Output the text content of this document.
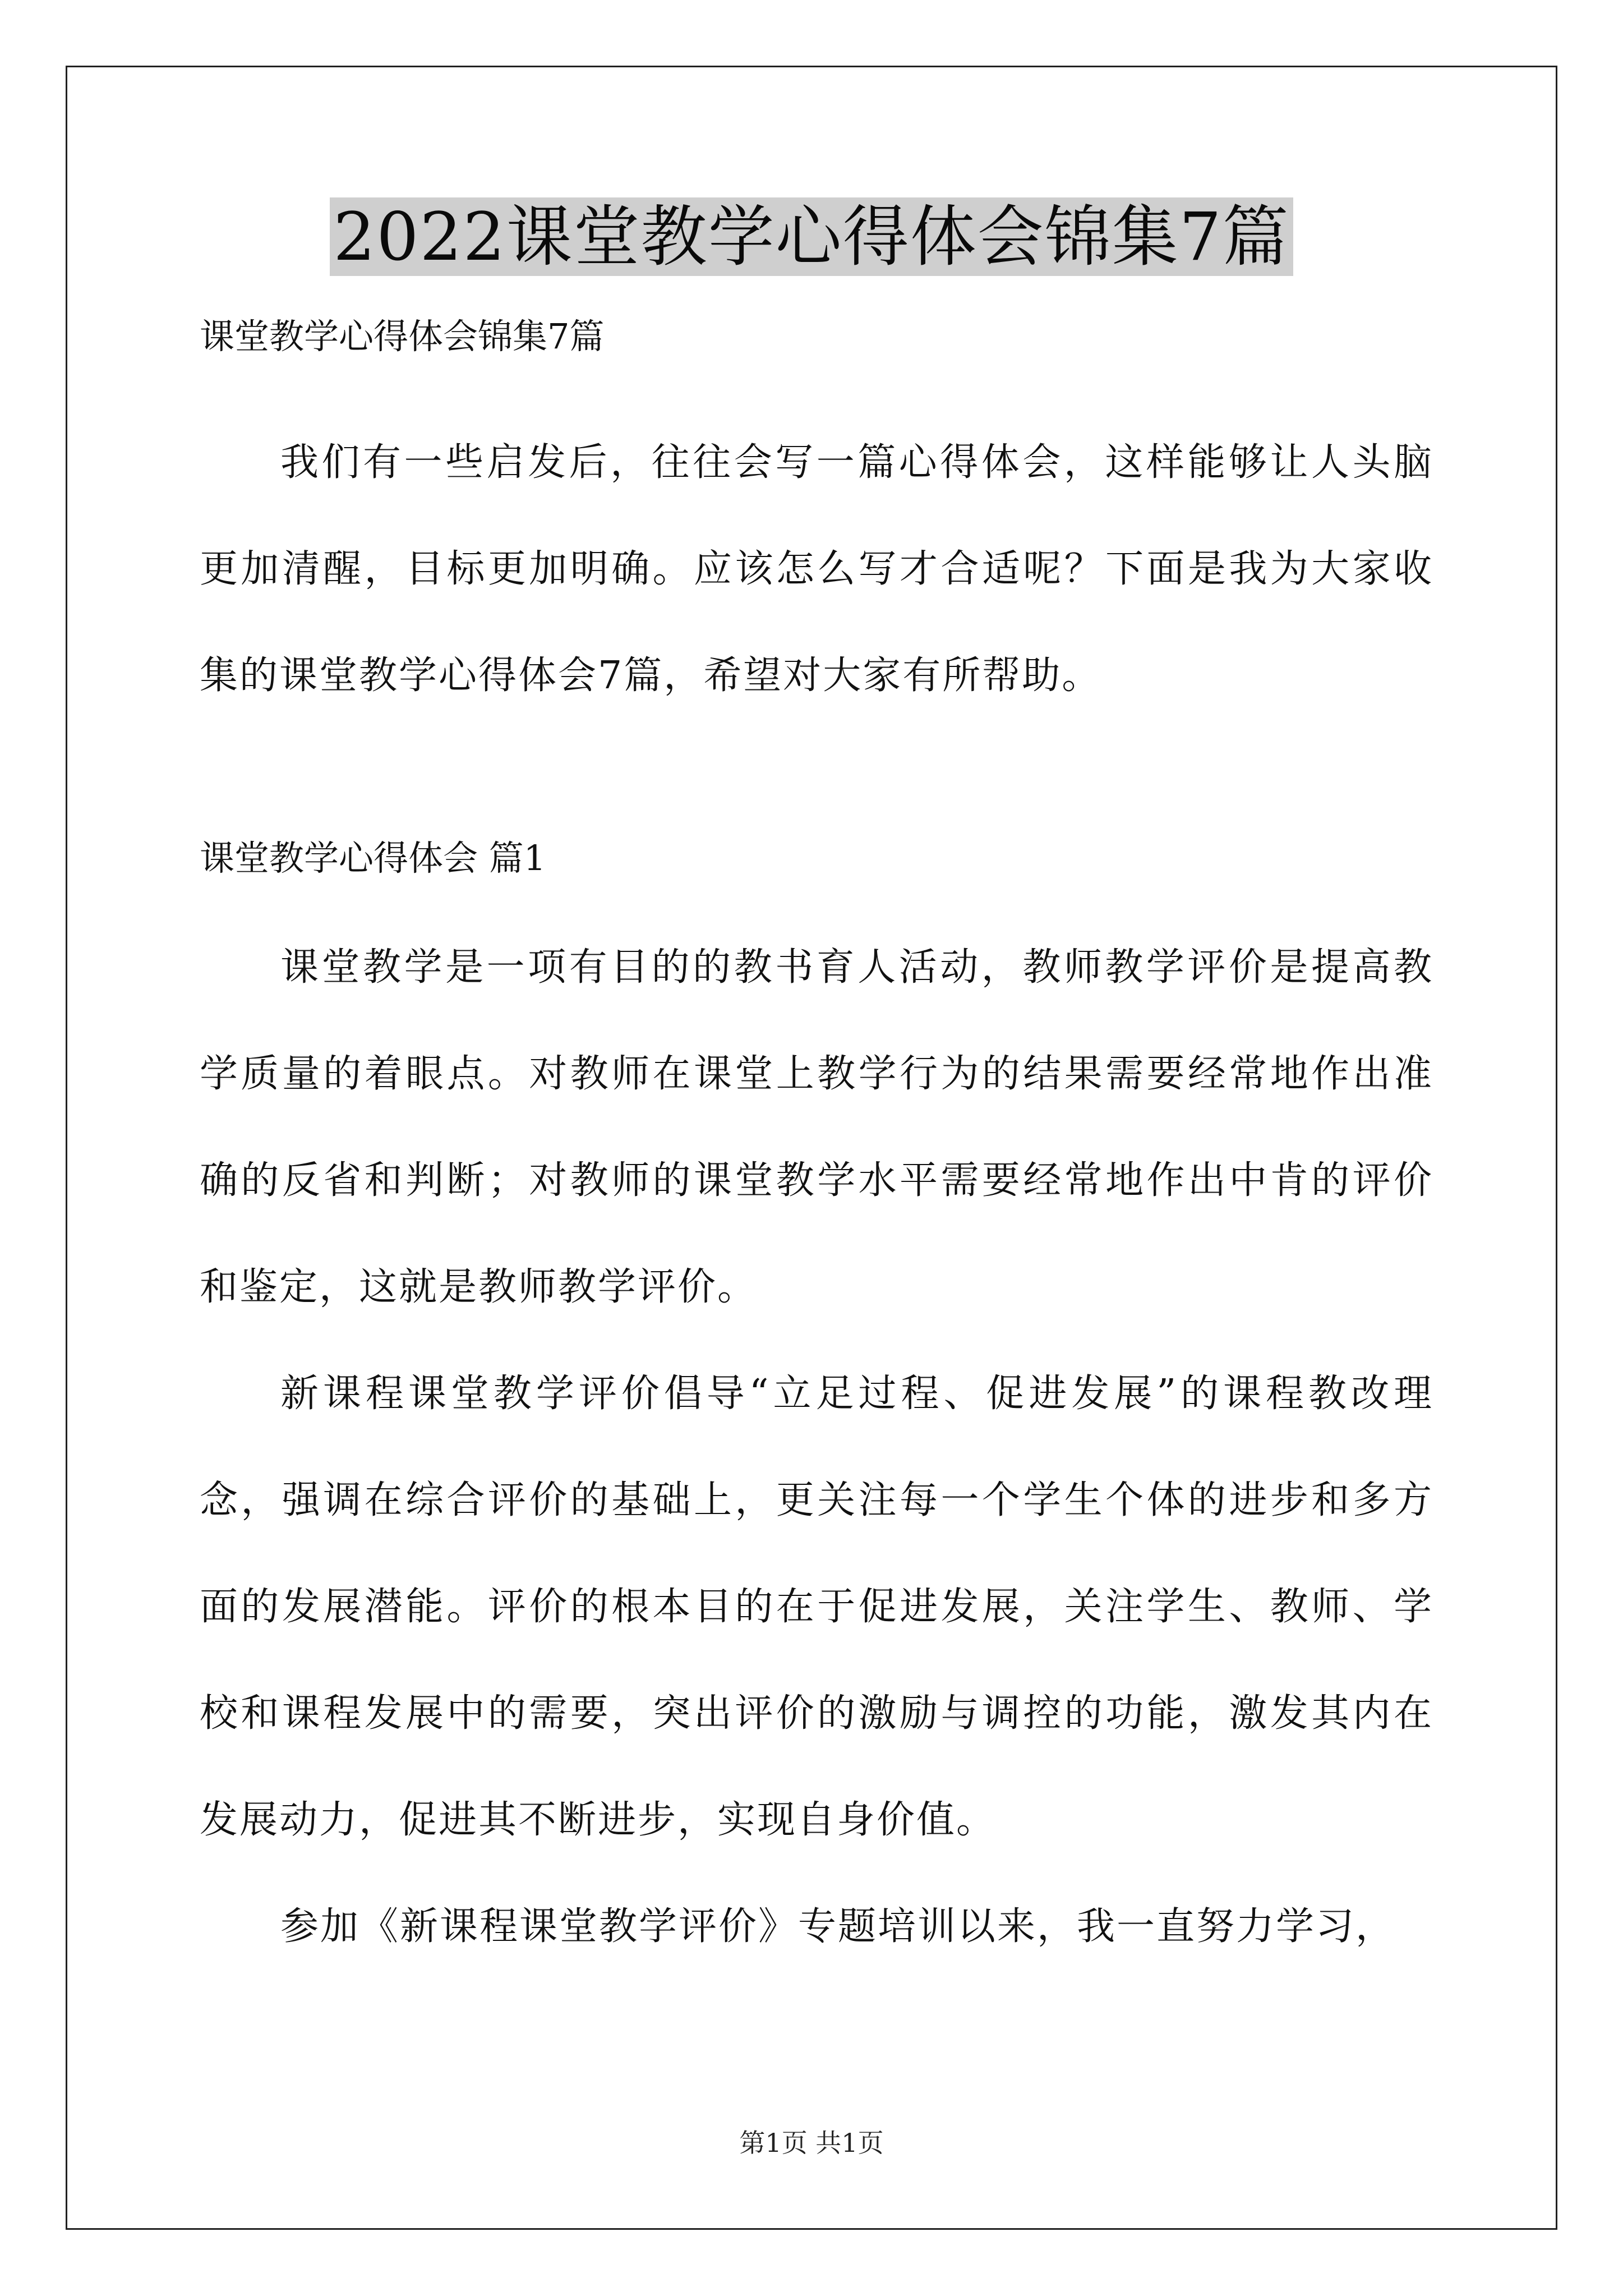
2022课堂教学心得体会锦集7篇

课堂教学心得体会锦集7篇

我们有一些启发后，往往会写一篇心得体会，这样能够让人头脑更加清醒，目标更加明确。应该怎么写才合适呢？下面是我为大家收集的课堂教学心得体会7篇，希望对大家有所帮助。

课堂教学心得体会 篇1

课堂教学是一项有目的的教书育人活动，教师教学评价是提高教学质量的着眼点。对教师在课堂上教学行为的结果需要经常地作出准确的反省和判断；对教师的课堂教学水平需要经常地作出中肯的评价和鉴定，这就是教师教学评价。

新课程课堂教学评价倡导“立足过程、促进发展”的课程教改理念，强调在综合评价的基础上，更关注每一个学生个体的进步和多方面的发展潜能。评价的根本目的在于促进发展，关注学生、教师、学校和课程发展中的需要，突出评价的激励与调控的功能，激发其内在发展动力，促进其不断进步，实现自身价值。

参加《新课程课堂教学评价》专题培训以来，我一直努力学习，

第1页 共1页
